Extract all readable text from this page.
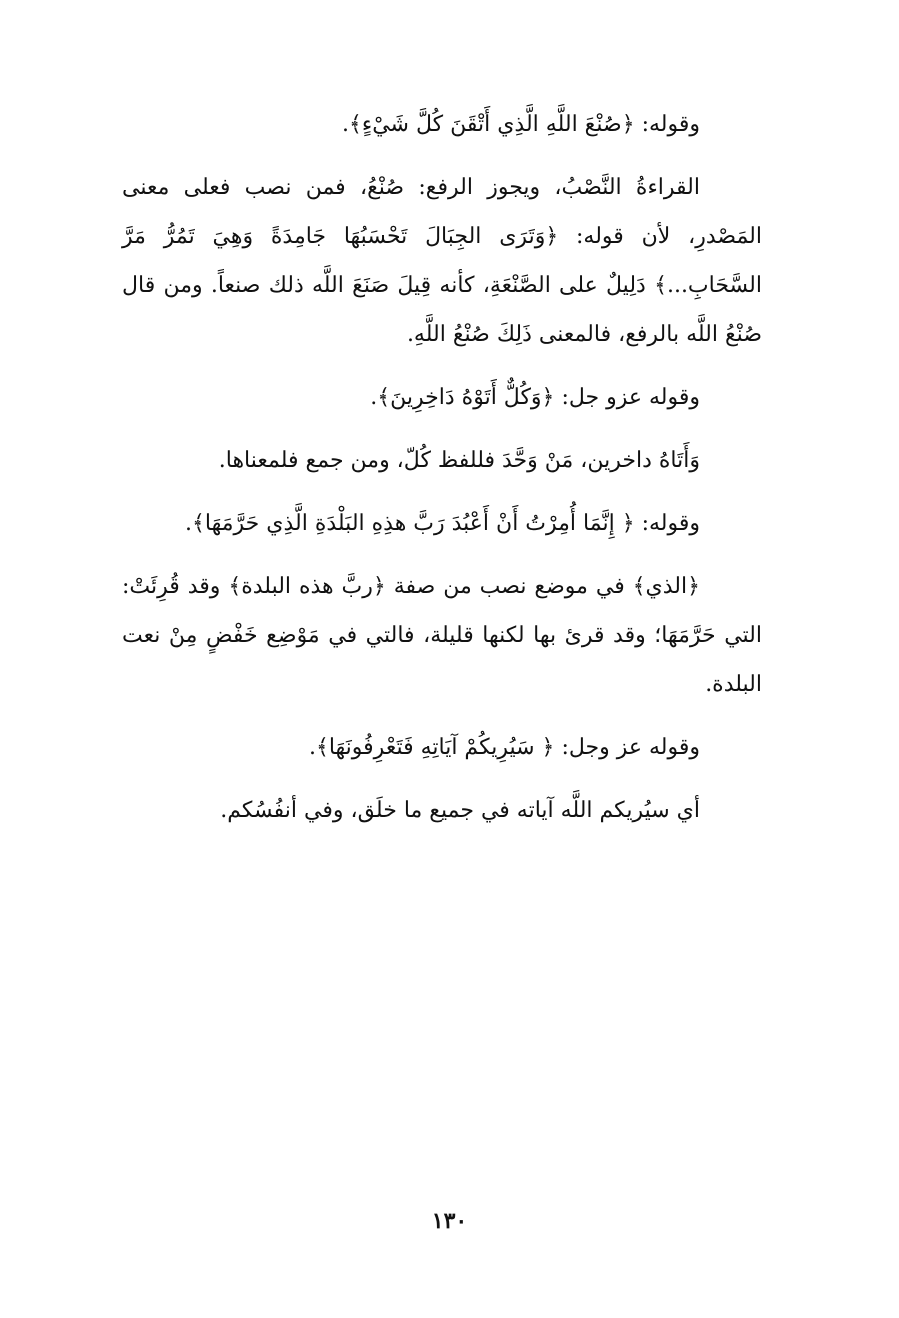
وقوله: ﴿صُنْعَ اللَّهِ الَّذِي أَتْقَنَ كُلَّ شَيْءٍ﴾.

القراءةُ النَّصْبُ، ويجوز الرفع: صُنْعُ، فمن نصب فعلى معنى المَصْدرِ، لأن قوله: ﴿وَتَرَى الجِبَالَ تَحْسَبُهَا جَامِدَةً وَهِيَ تَمُرُّ مَرَّ السَّحَابِ...﴾ دَلِيلٌ على الصَّنْعَةِ، كأنه قِيلَ صَنَعَ اللَّه ذلك صنعاً. ومن قال صُنْعُ اللَّه بالرفع، فالمعنى ذَلِكَ صُنْعُ اللَّهِ.

وقوله عزو جل: ﴿وَكُلٌّ أَتَوْهُ دَاخِرِينَ﴾.

وَأَتَاهُ داخرين، مَنْ وَحَّدَ فللفظ كُلّ، ومن جمع فلمعناها.

وقوله: ﴿ إِنَّمَا أُمِرْتُ أَنْ أَعْبُدَ رَبَّ هذِهِ البَلْدَةِ الَّذِي حَرَّمَهَا﴾.

﴿الذي﴾ في موضع نصب من صفة ﴿ربَّ هذه البلدة﴾ وقد قُرِئَتْ: التي حَرَّمَهَا؛ وقد قرئ بها لكنها قليلة، فالتي في مَوْضِع خَفْضٍ مِنْ نعت البلدة.

وقوله عز وجل: ﴿ سَيُرِيكُمْ آيَاتِهِ فَتَعْرِفُونَهَا﴾.

أي سيُريكم اللَّه آياته في جميع ما خلَق، وفي أنفُسُكم.

١٣٠
